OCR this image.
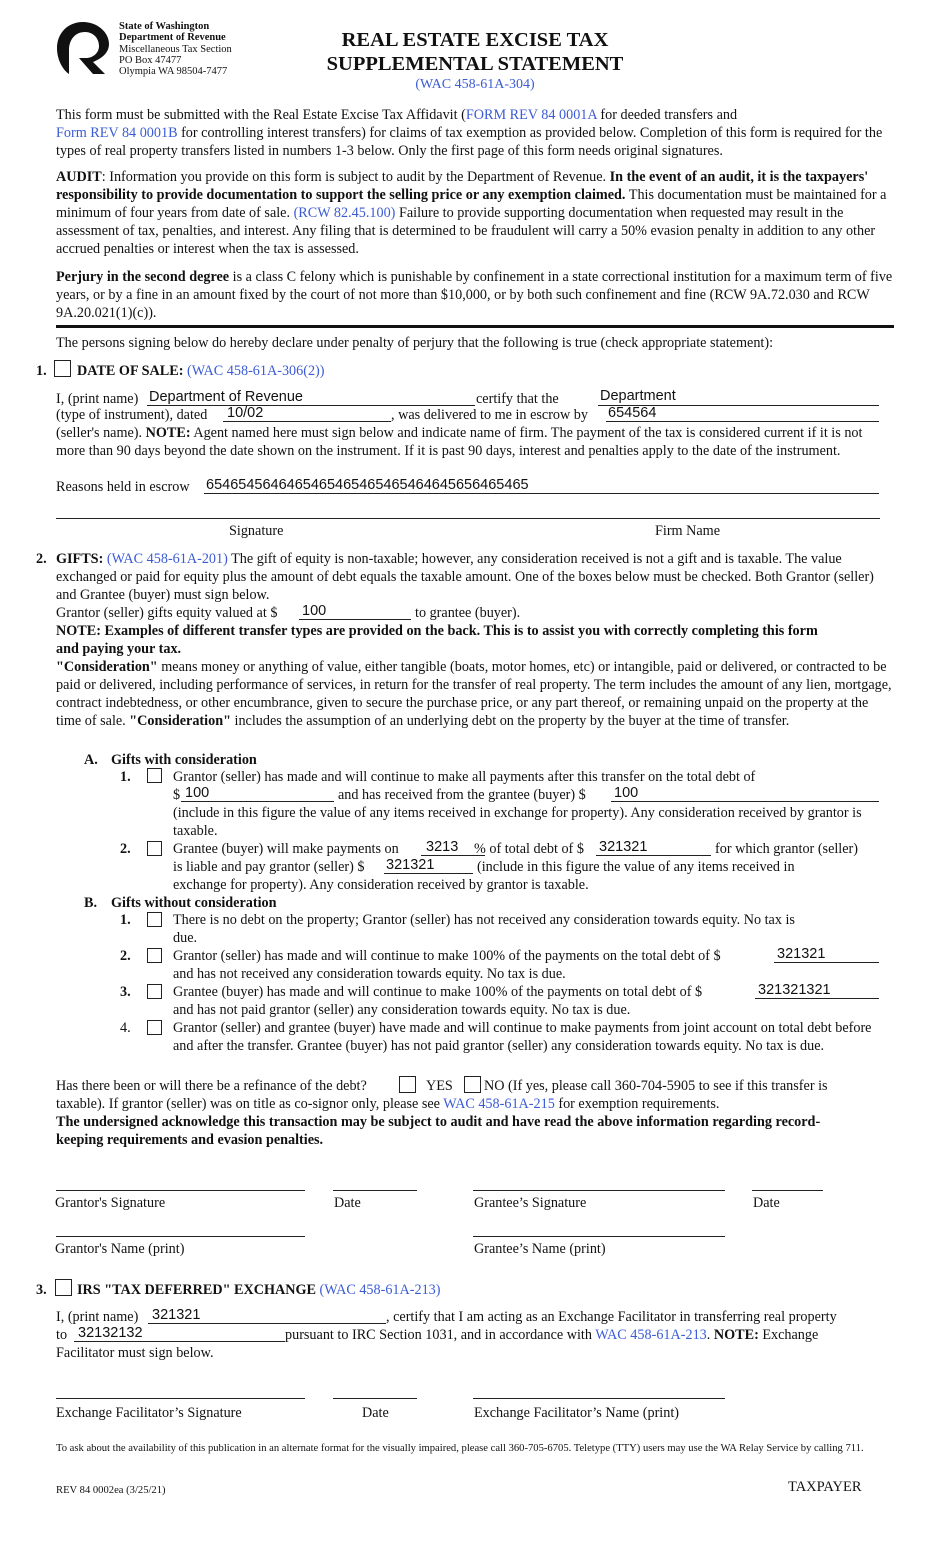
State of Washington
Department of Revenue
Miscellaneous Tax Section
PO Box 47477
Olympia WA 98504-7477
REAL ESTATE EXCISE TAX
SUPPLEMENTAL STATEMENT
(WAC 458-61A-304)
This form must be submitted with the Real Estate Excise Tax Affidavit (FORM REV 84 0001A for deeded transfers and
Form REV 84 0001B for controlling interest transfers) for claims of tax exemption as provided below. Completion of this form is required for the types of real property transfers listed in numbers 1-3 below. Only the first page of this form needs original signatures.
AUDIT: Information you provide on this form is subject to audit by the Department of Revenue. In the event of an audit, it is the taxpayers' responsibility to provide documentation to support the selling price or any exemption claimed. This documentation must be maintained for a minimum of four years from date of sale. (RCW 82.45.100) Failure to provide supporting documentation when requested may result in the assessment of tax, penalties, and interest. Any filing that is determined to be fraudulent will carry a 50% evasion penalty in addition to any other accrued penalties or interest when the tax is assessed.
Perjury in the second degree is a class C felony which is punishable by confinement in a state correctional institution for a maximum term of five years, or by a fine in an amount fixed by the court of not more than $10,000, or by both such confinement and fine (RCW 9A.72.030 and RCW 9A.20.021(1)(c)).
The persons signing below do hereby declare under penalty of perjury that the following is true (check appropriate statement):
1. DATE OF SALE: (WAC 458-61A-306(2))
I, (print name) Department of Revenue	certify that the	Department
(type of instrument), dated 10/02	, was delivered to me in escrow by 654564
(seller's name). NOTE: Agent named here must sign below and indicate name of firm. The payment of the tax is considered current if it is not more than 90 days beyond the date shown on the instrument. If it is past 90 days, interest and penalties apply to the date of the instrument.
Reasons held in escrow 6546545646465465465465465464645656465465
Signature	Firm Name
2. GIFTS: (WAC 458-61A-201) The gift of equity is non-taxable; however, any consideration received is not a gift and is taxable. The value exchanged or paid for equity plus the amount of debt equals the taxable amount. One of the boxes below must be checked. Both Grantor (seller) and Grantee (buyer) must sign below.
Grantor (seller) gifts equity valued at $ 100	to grantee (buyer).
NOTE: Examples of different transfer types are provided on the back. This is to assist you with correctly completing this form and paying your tax.
"Consideration" means money or anything of value, either tangible (boats, motor homes, etc) or intangible, paid or delivered, or contracted to be paid or delivered, including performance of services, in return for the transfer of real property. The term includes the amount of any lien, mortgage, contract indebtedness, or other encumbrance, given to secure the purchase price, or any part thereof, or remaining unpaid on the property at the time of sale. "Consideration" includes the assumption of an underlying debt on the property by the buyer at the time of transfer.
A. Gifts with consideration
1.	Grantor (seller) has made and will continue to make all payments after this transfer on the total debt of
$ 100	and has received from the grantee (buyer) $ 100
(include in this figure the value of any items received in exchange for property). Any consideration received by grantor is taxable.
2.	Grantee (buyer) will make payments on 3213 % of total debt of $ 321321	for which grantor (seller)
is liable and pay grantor (seller) $ 321321	(include in this figure the value of any items received in
exchange for property). Any consideration received by grantor is taxable.
B. Gifts without consideration
1.	There is no debt on the property; Grantor (seller) has not received any consideration towards equity. No tax is due.
2.	Grantor (seller) has made and will continue to make 100% of the payments on the total debt of $	321321
and has not received any consideration towards equity. No tax is due.
3.	Grantee (buyer) has made and will continue to make 100% of the payments on total debt of $	321321321
and has not paid grantor (seller) any consideration towards equity. No tax is due.
4.	Grantor (seller) and grantee (buyer) have made and will continue to make payments from joint account on total debt before and after the transfer. Grantee (buyer) has not paid grantor (seller) any consideration towards equity. No tax is due.
Has there been or will there be a refinance of the debt?	YES NO (If yes, please call 360-704-5905 to see if this transfer is
taxable). If grantor (seller) was on title as co-signor only, please see WAC 458-61A-215 for exemption requirements.
The undersigned acknowledge this transaction may be subject to audit and have read the above information regarding record-keeping requirements and evasion penalties.
Grantor's Signature	Date	Grantee’s Signature	Date
Grantor's Name (print)	Grantee’s Name (print)
3. IRS "TAX DEFERRED" EXCHANGE (WAC 458-61A-213)
I, (print name) 321321	, certify that I am acting as an Exchange Facilitator in transferring real property
to 32132132	pursuant to IRC Section 1031, and in accordance with WAC 458-61A-213. NOTE: Exchange
Facilitator must sign below.
Exchange Facilitator’s Signature	Date	Exchange Facilitator’s Name (print)
To ask about the availability of this publication in an alternate format for the visually impaired, please call 360-705-6705. Teletype (TTY) users may use the WA Relay Service by calling 711.
REV 84 0002ea (3/25/21)	TAXPAYER
